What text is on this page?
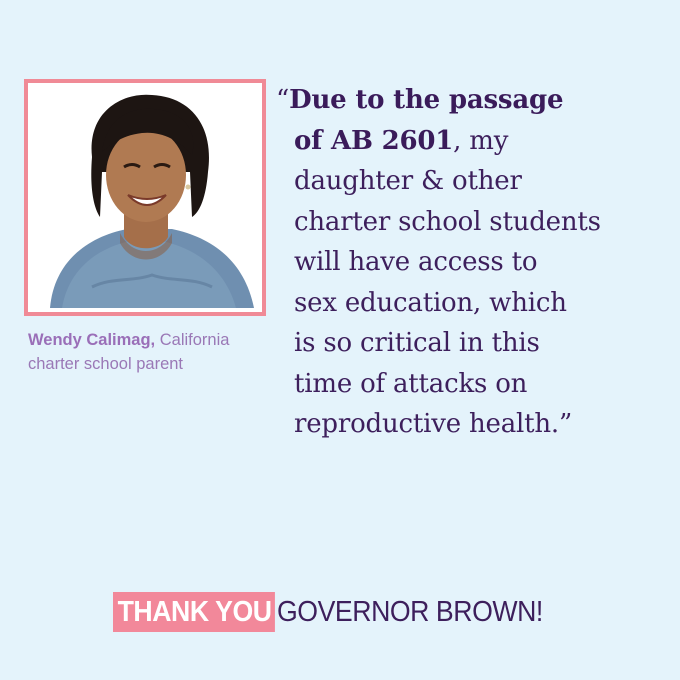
Wendy Calimag, California
charter school parent
“Due to the passage
of AB 2601, my
daughter & other
charter school students
will have access to
sex education, which
is so critical in this
time of attacks on
reproductive health.”
THANK YOU GOVERNOR BROWN!
